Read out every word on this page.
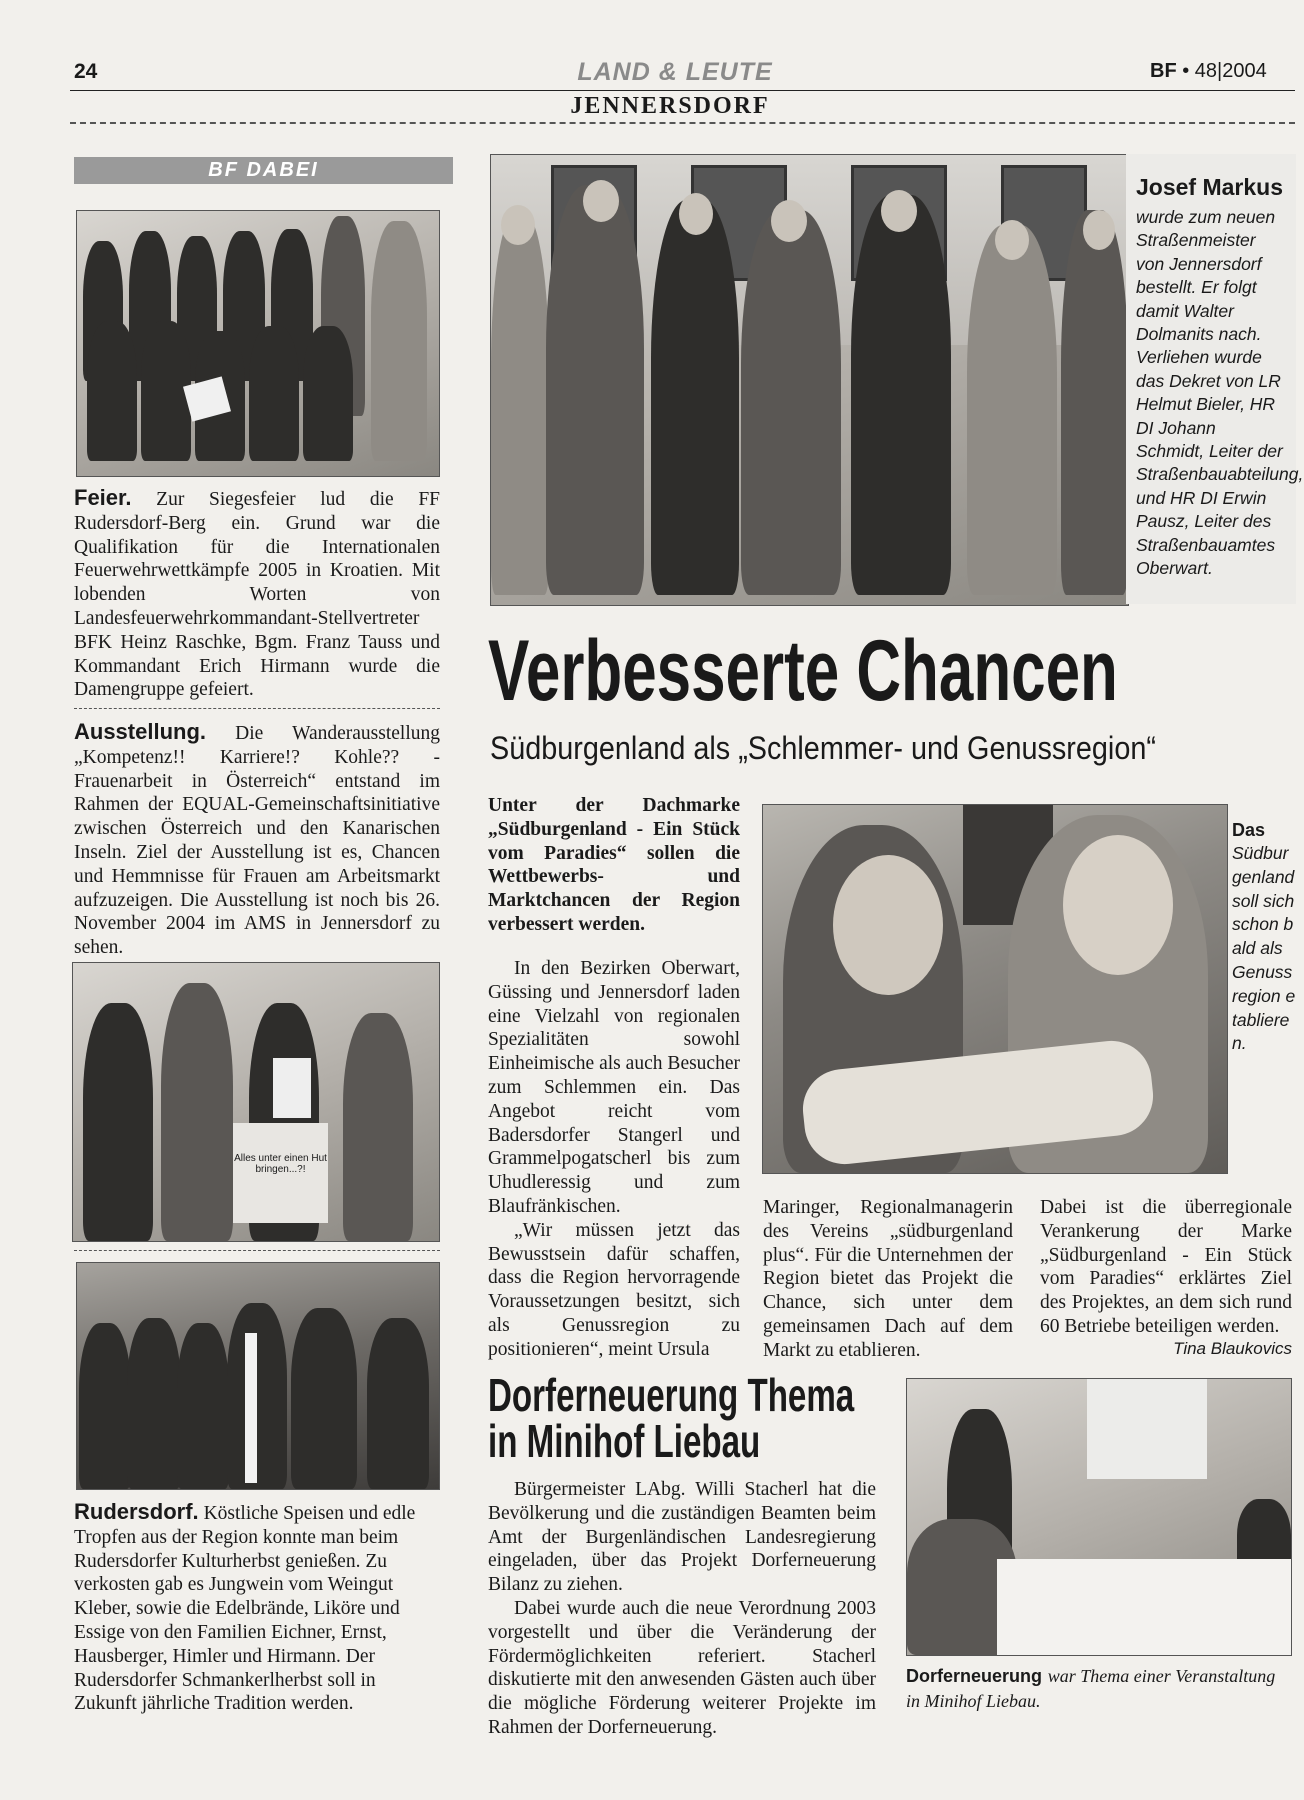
24	LAND & LEUTE	BF • 48|2004
JENNERSDORF
BF DABEI
Feier. Zur Siegesfeier lud die FF Rudersdorf-Berg ein. Grund war die Qualifikation für die Internationalen Feuerwehrwettkämpfe 2005 in Kroatien. Mit lobenden Worten von Landesfeuerwehrkommandant-Stellvertreter BFK Heinz Raschke, Bgm. Franz Tauss und Kommandant Erich Hirmann wurde die Damengruppe gefeiert.
Ausstellung. Die Wanderausstellung „Kompetenz!! Karriere!? Kohle?? - Frauenarbeit in Österreich“ entstand im Rahmen der EQUAL-Gemeinschaftsinitiative zwischen Österreich und den Kanarischen Inseln. Ziel der Ausstellung ist es, Chancen und Hemmnisse für Frauen am Arbeitsmarkt aufzuzeigen. Die Ausstellung ist noch bis 26. November 2004 im AMS in Jennersdorf zu sehen.
Alles unter einen Hut bringen...?!
Rudersdorf. Köstliche Speisen und edle Tropfen aus der Region konnte man beim Rudersdorfer Kulturherbst genießen. Zu verkosten gab es Jungwein vom Weingut Kleber, sowie die Edelbrände, Liköre und Essige von den Familien Eichner, Ernst, Hausberger, Himler und Hirmann. Der Rudersdorfer Schmankerlherbst soll in Zukunft jährliche Tradition werden.
Josef Markus
wurde zum neuen Straßenmeister von Jennersdorf bestellt. Er folgt damit Walter Dolmanits nach. Verliehen wurde das Dekret von LR Helmut Bieler, HR DI Johann Schmidt, Leiter der Straßenbauabteilung, und HR DI Erwin Pausz, Leiter des Straßenbauamtes Oberwart.
Verbesserte Chancen
Südburgenland als „Schlemmer- und Genussregion“
Unter der Dachmarke „Südburgenland - Ein Stück vom Paradies“ sollen die Wettbewerbs- und Marktchancen der Region verbessert werden.

In den Bezirken Oberwart, Güssing und Jennersdorf laden eine Vielzahl von regionalen Spezialitäten sowohl Einheimische als auch Besucher zum Schlemmen ein. Das Angebot reicht vom Badersdorfer Stangerl und Grammelpogatscherl bis zum Uhudleressig und zum Blaufränkischen.

„Wir müssen jetzt das Bewusstsein dafür schaffen, dass die Region hervorragende Voraussetzungen besitzt, sich als Genussregion zu positionieren“, meint Ursula

Das
Südburgenland soll sich schon bald als Genussregion etablieren.
Maringer, Regionalmanagerin des Vereins „südburgenland plus“. Für die Unternehmen der Region bietet das Projekt die Chance, sich unter dem gemeinsamen Dach auf dem Markt zu etablieren.
Dabei ist die überregionale Verankerung der Marke „Südburgenland - Ein Stück vom Paradies“ erklärtes Ziel des Projektes, an dem sich rund 60 Betriebe beteiligen werden.
Tina Blaukovics
Dorferneuerung Thema
in Minihof Liebau

Bürgermeister LAbg. Willi Stacherl hat die Bevölkerung und die zuständigen Beamten beim Amt der Burgenländischen Landesregierung eingeladen, über das Projekt Dorferneuerung Bilanz zu ziehen.

Dabei wurde auch die neue Verordnung 2003 vorgestellt und über die Veränderung der Fördermöglichkeiten referiert. Stacherl diskutierte mit den anwesenden Gästen auch über die mögliche Förderung weiterer Projekte im Rahmen der Dorferneuerung.

Dorferneuerung war Thema einer Veranstaltung in Minihof Liebau.
